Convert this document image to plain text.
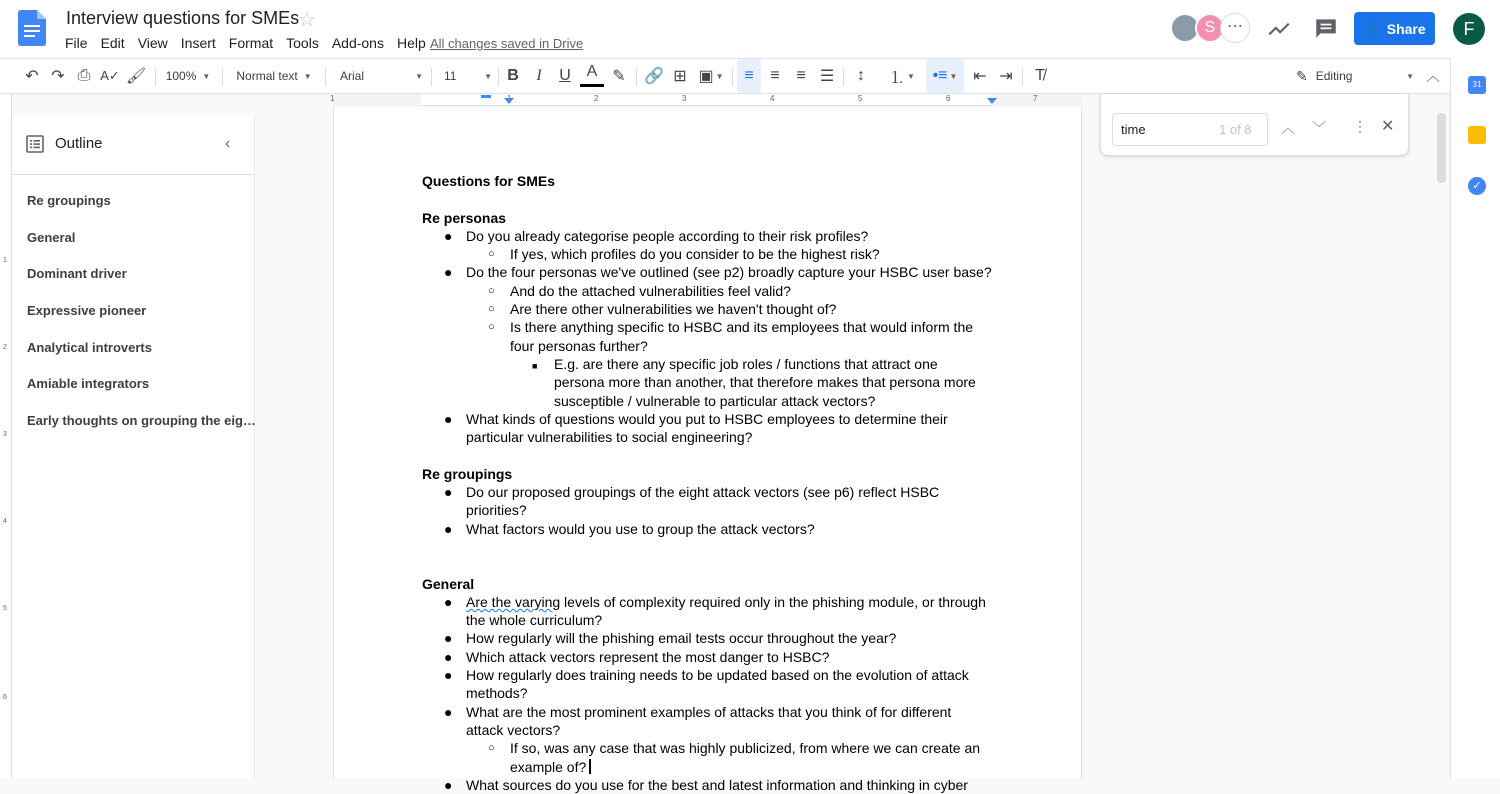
Interview questions for SMEs
☆
File Edit View Insert Format Tools Add-ons Help All changes saved in Drive
S ⋯	👤 Share	F
↶ ↷ ⎙ A✓ 🖌 100% ▼ Normal text ▼ Arial	▼ 11	▼ B	I	U A ✎	🔗 ⊞ ▣ ▼	≡	≡	≡ ☰	↕	⒈ ▼	•≡ ▼ ⇤ ⇥	T̸	✎ Editing	▼ ︿
1	1	2	3	4	5	6	7
1
2
3
4
5
6
Outline	‹
Re groupings
General
Dominant driver
Expressive pioneer
Analytical introverts
Amiable integrators
Early thoughts on grouping the eig…
Questions for SMEs
Re personas
● Do you already categorise people according to their risk profiles?
○ If yes, which profiles do you consider to be the highest risk?
● Do the four personas we've outlined (see p2) broadly capture your HSBC user base?
○ And do the attached vulnerabilities feel valid?
○ Are there other vulnerabilities we haven't thought of?
○ Is there anything specific to HSBC and its employees that would inform the four personas further?
■ E.g. are there any specific job roles / functions that attract one persona more than another, that therefore makes that persona more susceptible / vulnerable to particular attack vectors?
● What kinds of questions would you put to HSBC employees to determine their particular vulnerabilities to social engineering?
Re groupings
● Do our proposed groupings of the eight attack vectors (see p6) reflect HSBC priorities?
● What factors would you use to group the attack vectors?
General
● Are the varying levels of complexity required only in the phishing module, or through the whole curriculum?
● How regularly will the phishing email tests occur throughout the year?
● Which attack vectors represent the most danger to HSBC?
● How regularly does training needs to be updated based on the evolution of attack methods?
● What are the most prominent examples of attacks that you think of for different attack vectors?
○ If so, was any case that was highly publicized, from where we can create an example of?
● What sources do you use for the best and latest information and thinking in cyber
time	1 of 8 ︿ ﹀ ⋮ ✕
31
✓
